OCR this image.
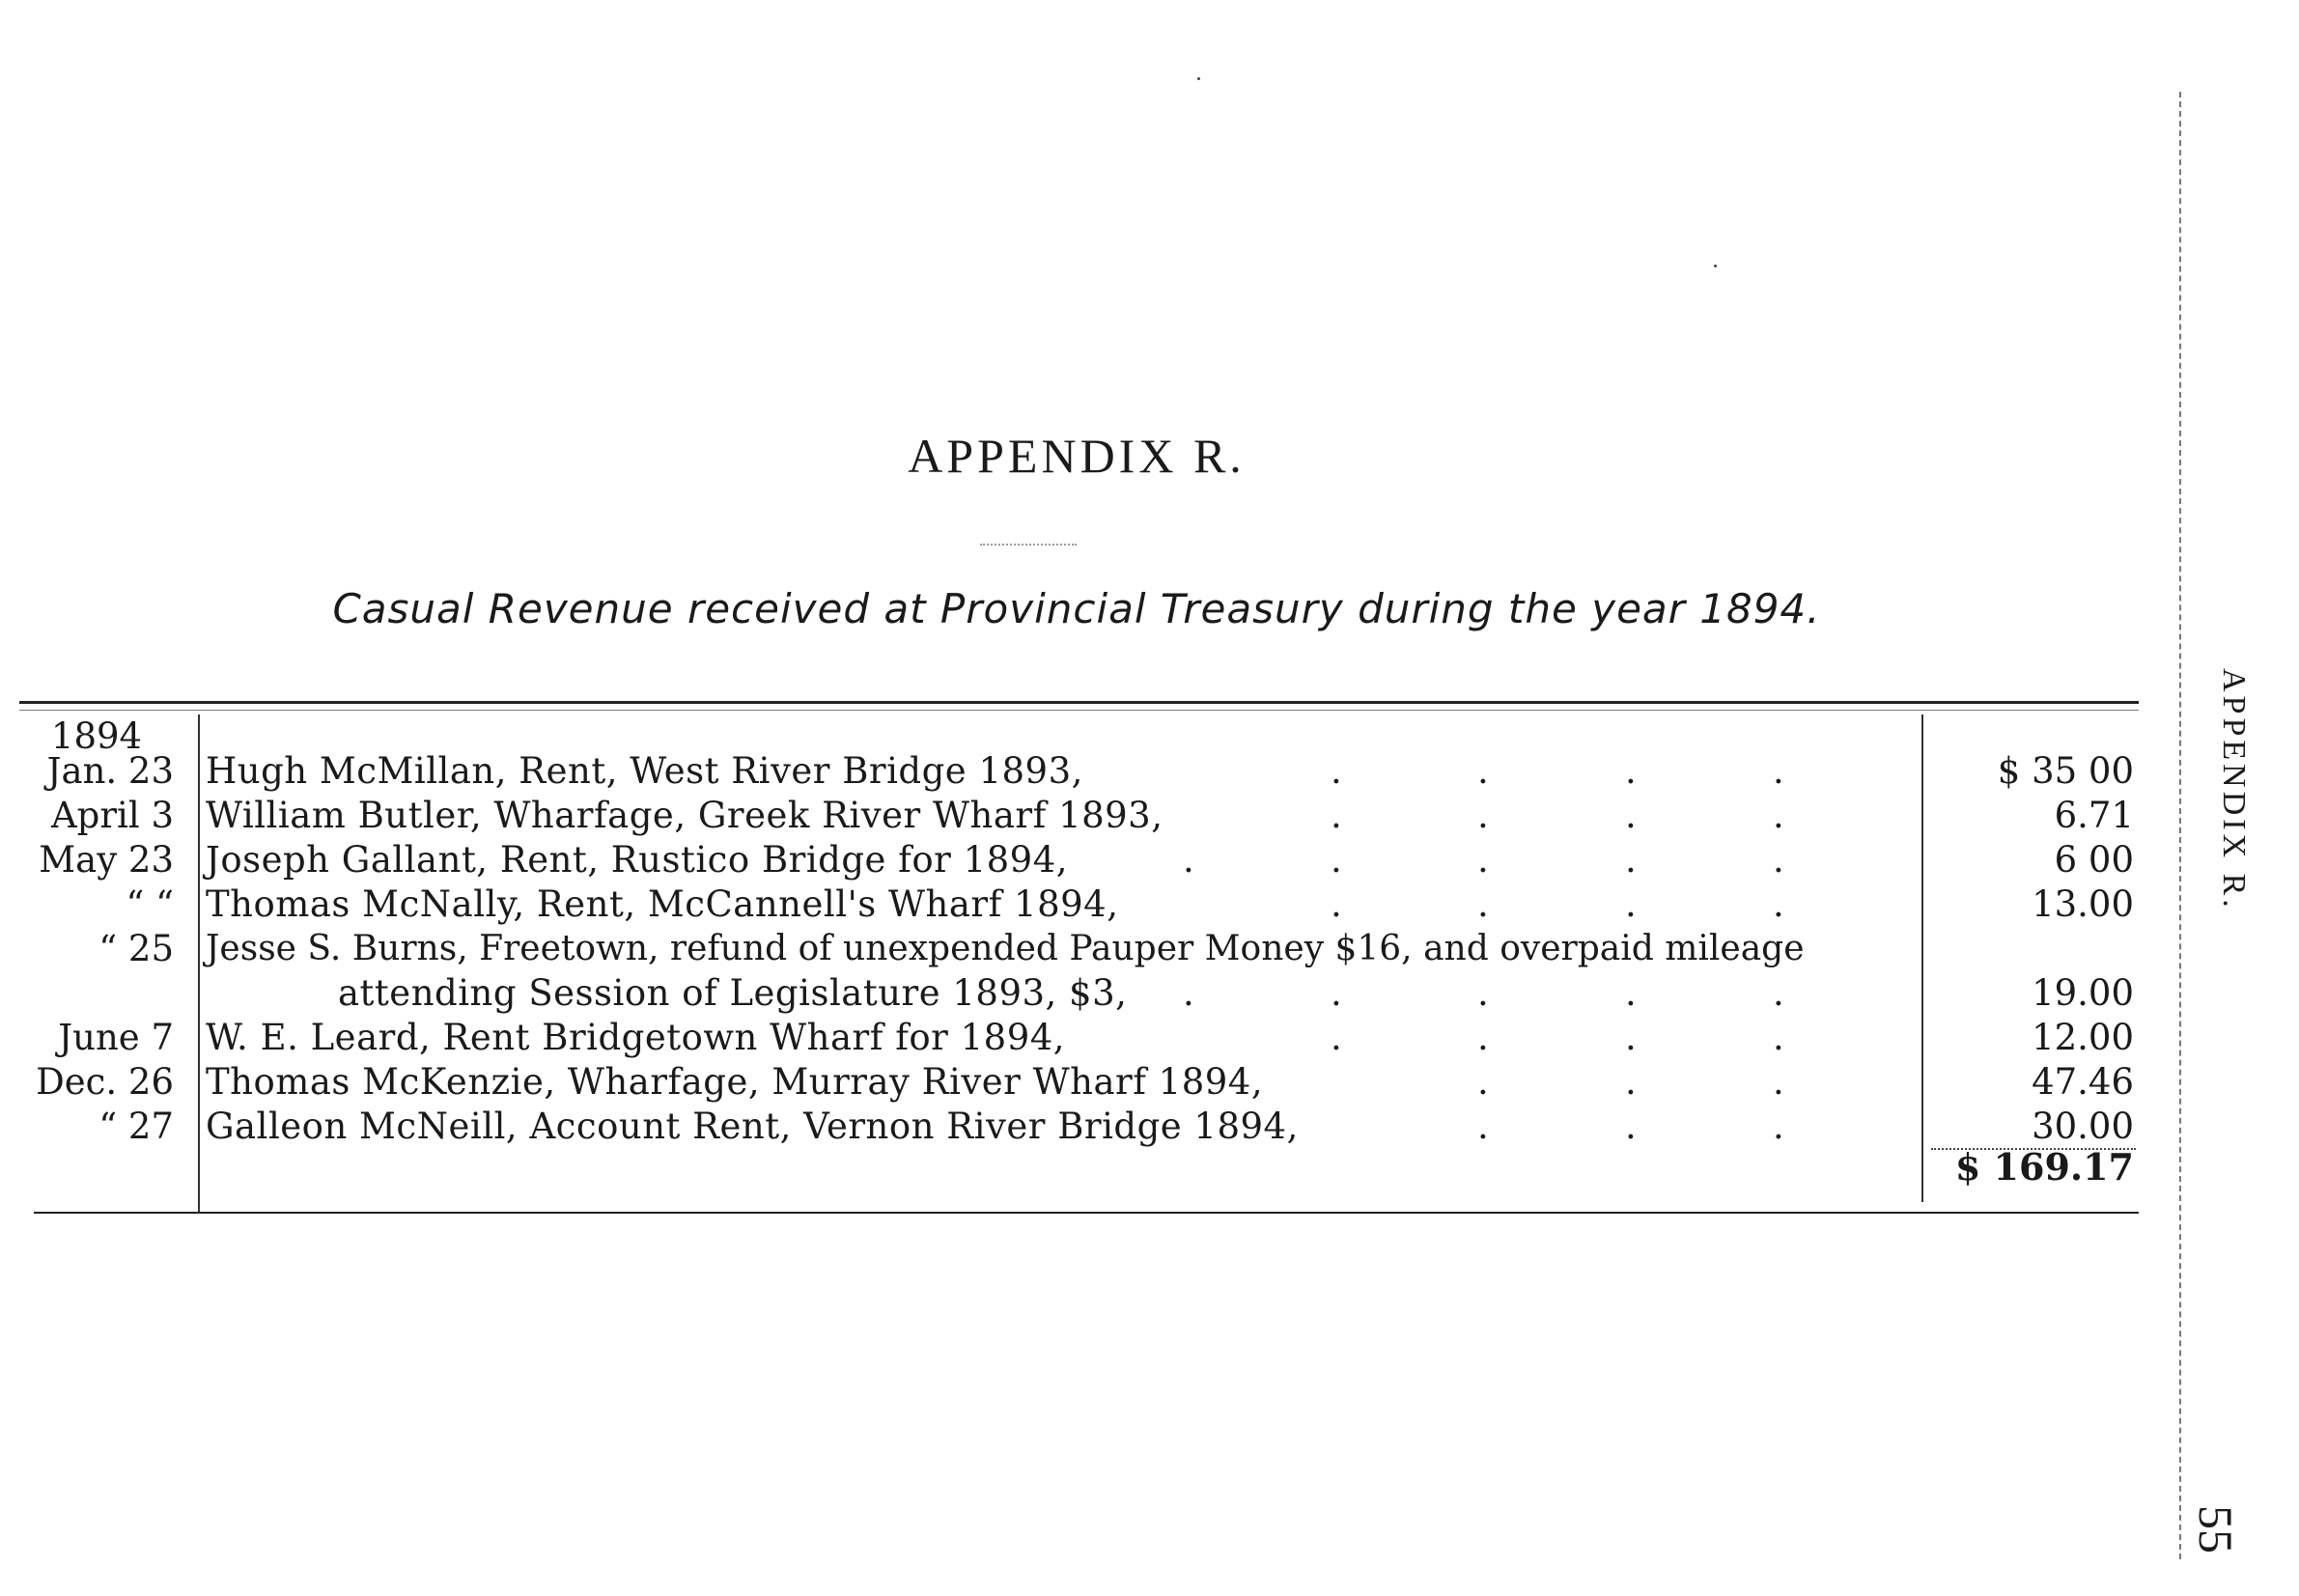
APPENDIX R.
Casual Revenue received at Provincial Treasury during the year 1894.
1894
Jan. 23 Hugh McMillan, Rent, West River Bridge 1893,	.	.	.	.	$ 35 00
April 3 William Butler, Wharfage, Greek River Wharf 1893,	.	.	.	.	6.71
May 23 Joseph Gallant, Rent, Rustico Bridge for 1894,	.	.	.	.	.	6 00
“ “ Thomas McNally, Rent, McCannell's Wharf 1894,	.	.	.	.	13.00
“ 25 Jesse S. Burns, Freetown, refund of unexpended Pauper Money $16, and overpaid mileage
attending Session of Legislature 1893, $3, .	.	.	.	.	19.00
June 7 W. E. Leard, Rent Bridgetown Wharf for 1894,	.	.	.	.	12.00
Dec. 26 Thomas McKenzie, Wharfage, Murray River Wharf 1894,	.	.	.	47.46
“ 27 Galleon McNeill, Account Rent, Vernon River Bridge 1894,	.	.	.	30.00
$ 169.17
APPENDIX R.
55
